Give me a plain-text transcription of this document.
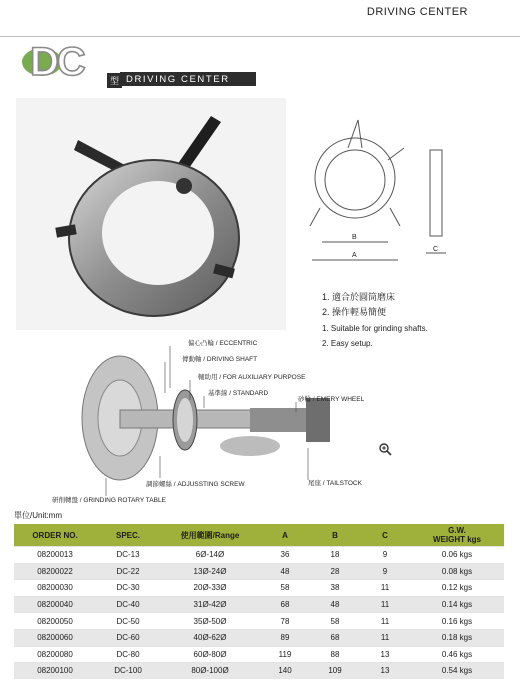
DRIVING CENTER
DC	型 DRIVING CENTER
B
A
C
1. 適合於圓筒磨床
2. 操作輕易簡便
1. Suitable for grinding shafts.
2. Easy setup.
偏心凸輪 / ECCENTRIC
傳動軸 / DRIVING SHAFT
輔助用 / FOR AUXILIARY PURPOSE
基準線 / STANDARD
砂輪 / EMERY WHEEL
調節螺絲 / ADJUSSTING SCREW	尾座 / TAILSTOCK
研削轉盤 / GRINDING ROTARY TABLE
單位/Unit:mm
ORDER NO.	SPEC.	使用範圍/Range	A	B	C	G.W.
WEIGHT kgs
08200013	DC-13	6Ø-14Ø	36	18	9	0.06 kgs
08200022	DC-22	13Ø-24Ø	48	28	9	0.08 kgs
08200030	DC-30	20Ø-33Ø	58	38	11	0.12 kgs
08200040	DC-40	31Ø-42Ø	68	48	11	0.14 kgs
08200050	DC-50	35Ø-50Ø	78	58	11	0.16 kgs
08200060	DC-60	40Ø-62Ø	89	68	11	0.18 kgs
08200080	DC-80	60Ø-80Ø	119	88	13	0.46 kgs
08200100	DC-100	80Ø-100Ø	140	109	13	0.54 kgs
